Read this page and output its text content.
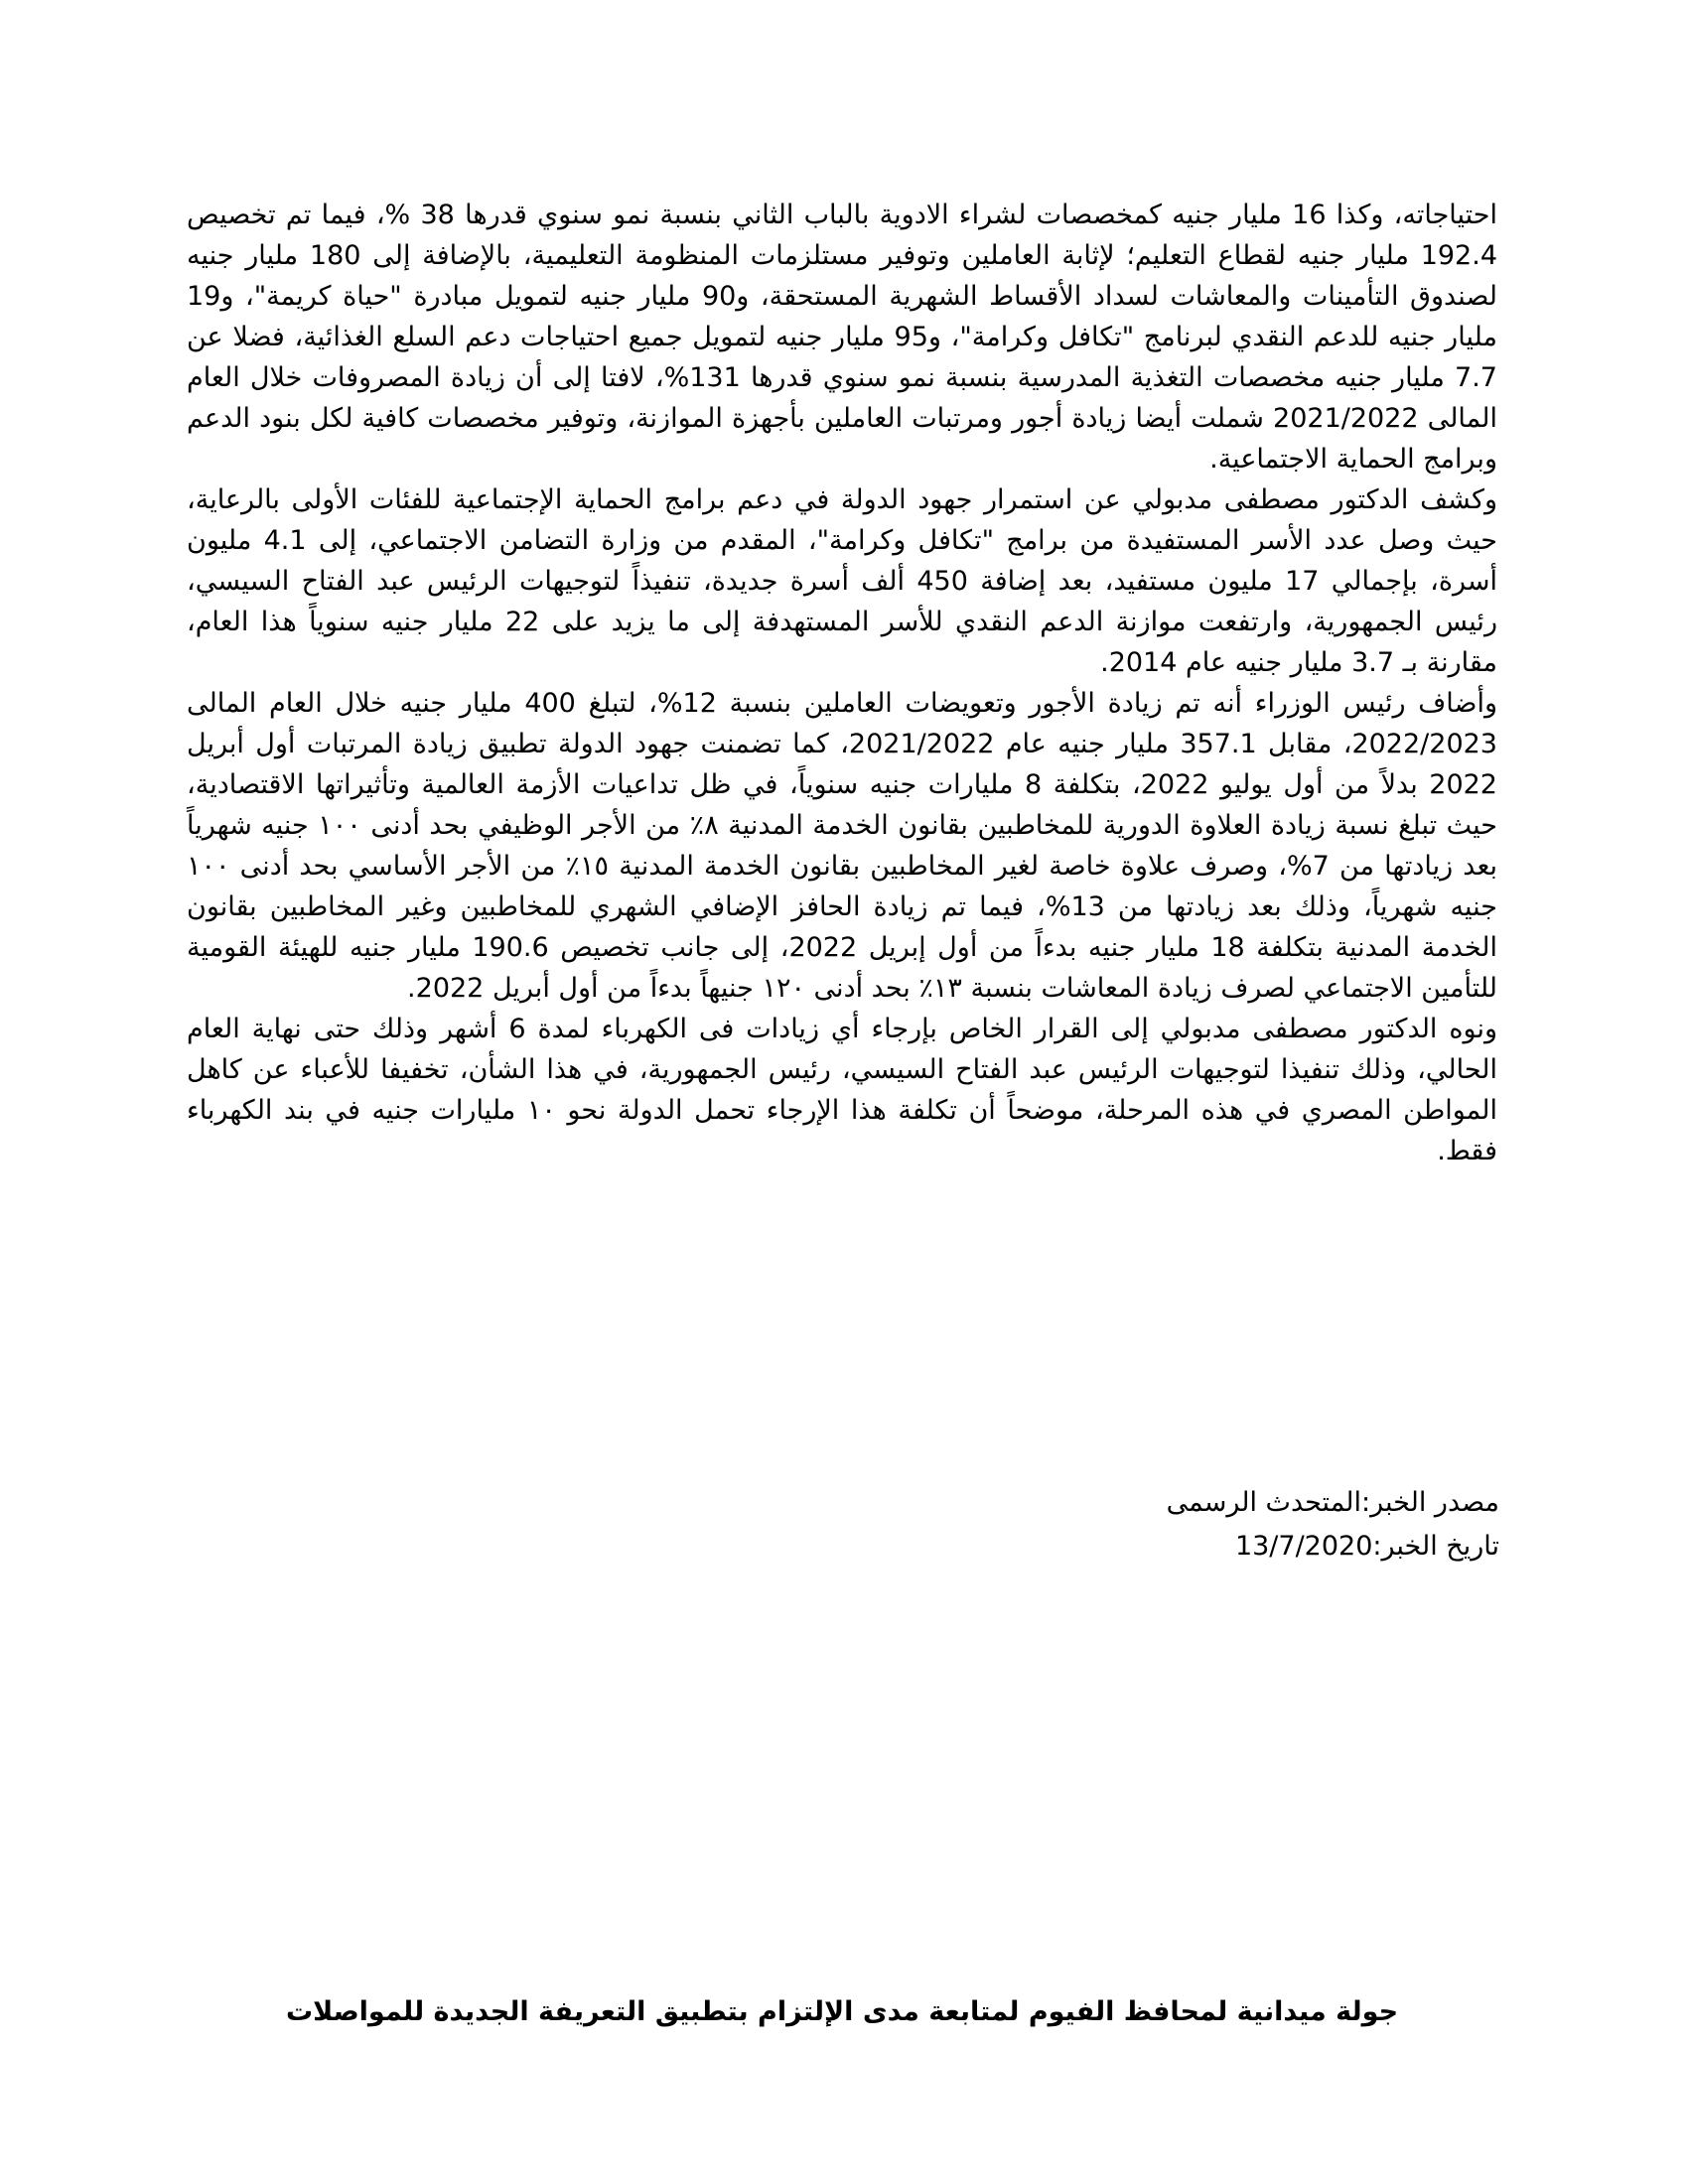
احتياجاته، وكذا 16 مليار جنيه كمخصصات لشراء الادوية بالباب الثاني بنسبة نمو سنوي قدرها 38 %، فيما تم تخصيص 192.4 مليار جنيه لقطاع التعليم؛ لإثابة العاملين وتوفير مستلزمات المنظومة التعليمية، بالإضافة إلى 180 مليار جنيه لصندوق التأمينات والمعاشات لسداد الأقساط الشهرية المستحقة، و90 مليار جنيه لتمويل مبادرة "حياة كريمة"، و19 مليار جنيه للدعم النقدي لبرنامج "تكافل وكرامة"، و95 مليار جنيه لتمويل جميع احتياجات دعم السلع الغذائية، فضلا عن 7.7 مليار جنيه مخصصات التغذية المدرسية بنسبة نمو سنوي قدرها 131%، لافتا إلى أن زيادة المصروفات خلال العام المالى 2021/2022 شملت أيضا زيادة أجور ومرتبات العاملين بأجهزة الموازنة، وتوفير مخصصات كافية لكل بنود الدعم وبرامج الحماية الاجتماعية.

وكشف الدكتور مصطفى مدبولي عن استمرار جهود الدولة في دعم برامج الحماية الإجتماعية للفئات الأولى بالرعاية، حيث وصل عدد الأسر المستفيدة من برامج "تكافل وكرامة"، المقدم من وزارة التضامن الاجتماعي، إلى 4.1 مليون أسرة، بإجمالي 17 مليون مستفيد، بعد إضافة 450 ألف أسرة جديدة، تنفيذاً لتوجيهات الرئيس عبد الفتاح السيسي، رئيس الجمهورية، وارتفعت موازنة الدعم النقدي للأسر المستهدفة إلى ما يزيد على 22 مليار جنيه سنوياً هذا العام، مقارنة بـ 3.7 مليار جنيه عام 2014.

وأضاف رئيس الوزراء أنه تم زيادة الأجور وتعويضات العاملين بنسبة 12%، لتبلغ 400 مليار جنيه خلال العام المالى 2022/2023، مقابل 357.1 مليار جنيه عام 2021/2022، كما تضمنت جهود الدولة تطبيق زيادة المرتبات أول أبريل 2022 بدلاً من أول يوليو 2022، بتكلفة 8 مليارات جنيه سنوياً، في ظل تداعيات الأزمة العالمية وتأثيراتها الاقتصادية، حيث تبلغ نسبة زيادة العلاوة الدورية للمخاطبين بقانون الخدمة المدنية ٨٪ من الأجر الوظيفي بحد أدنى ١٠٠ جنيه شهرياً بعد زيادتها من 7%، وصرف علاوة خاصة لغير المخاطبين بقانون الخدمة المدنية ١٥٪ من الأجر الأساسي بحد أدنى ١٠٠ جنيه شهرياً، وذلك بعد زيادتها من 13%، فيما تم زيادة الحافز الإضافي الشهري للمخاطبين وغير المخاطبين بقانون الخدمة المدنية بتكلفة 18 مليار جنيه بدءاً من أول إبريل 2022، إلى جانب تخصيص 190.6 مليار جنيه للهيئة القومية للتأمين الاجتماعي لصرف زيادة المعاشات بنسبة ١٣٪ بحد أدنى ١٢٠ جنيهاً بدءاً من أول أبريل 2022.

ونوه الدكتور مصطفى مدبولي إلى القرار الخاص بإرجاء أي زيادات فى الكهرباء لمدة 6 أشهر وذلك حتى نهاية العام الحالي، وذلك تنفيذا لتوجيهات الرئيس عبد الفتاح السيسي، رئيس الجمهورية، في هذا الشأن، تخفيفا للأعباء عن كاهل المواطن المصري في هذه المرحلة، موضحاً أن تكلفة هذا الإرجاء تحمل الدولة نحو ١٠ مليارات جنيه في بند الكهرباء فقط.

مصدر الخبر:المتحدث الرسمى
تاريخ الخبر:13/7/2020
جولة ميدانية لمحافظ الفيوم لمتابعة مدى الإلتزام بتطبيق التعريفة الجديدة للمواصلات
